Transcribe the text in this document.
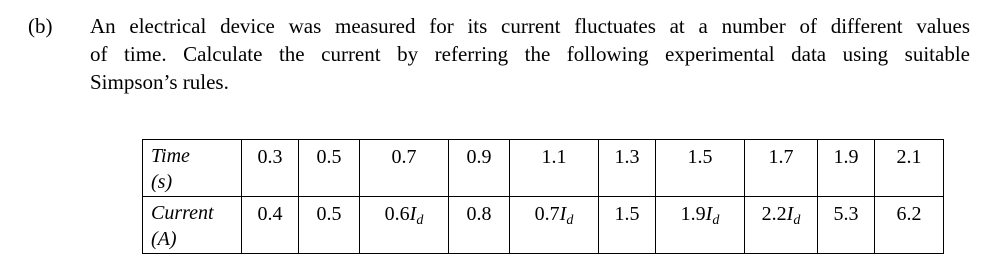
(b) An electrical device was measured for its current fluctuates at a number of different values
of time. Calculate the current by referring the following experimental data using suitable
Simpson’s rules.
Time
(s)	0.3	0.5	0.7	0.9	1.1	1.3	1.5	1.7	1.9	2.1

Current
(A)	0.4	0.5	$0.6I_d$	0.8	$0.7I_d$	1.5	$1.9I_d$	$2.2I_d$	5.3	6.2
